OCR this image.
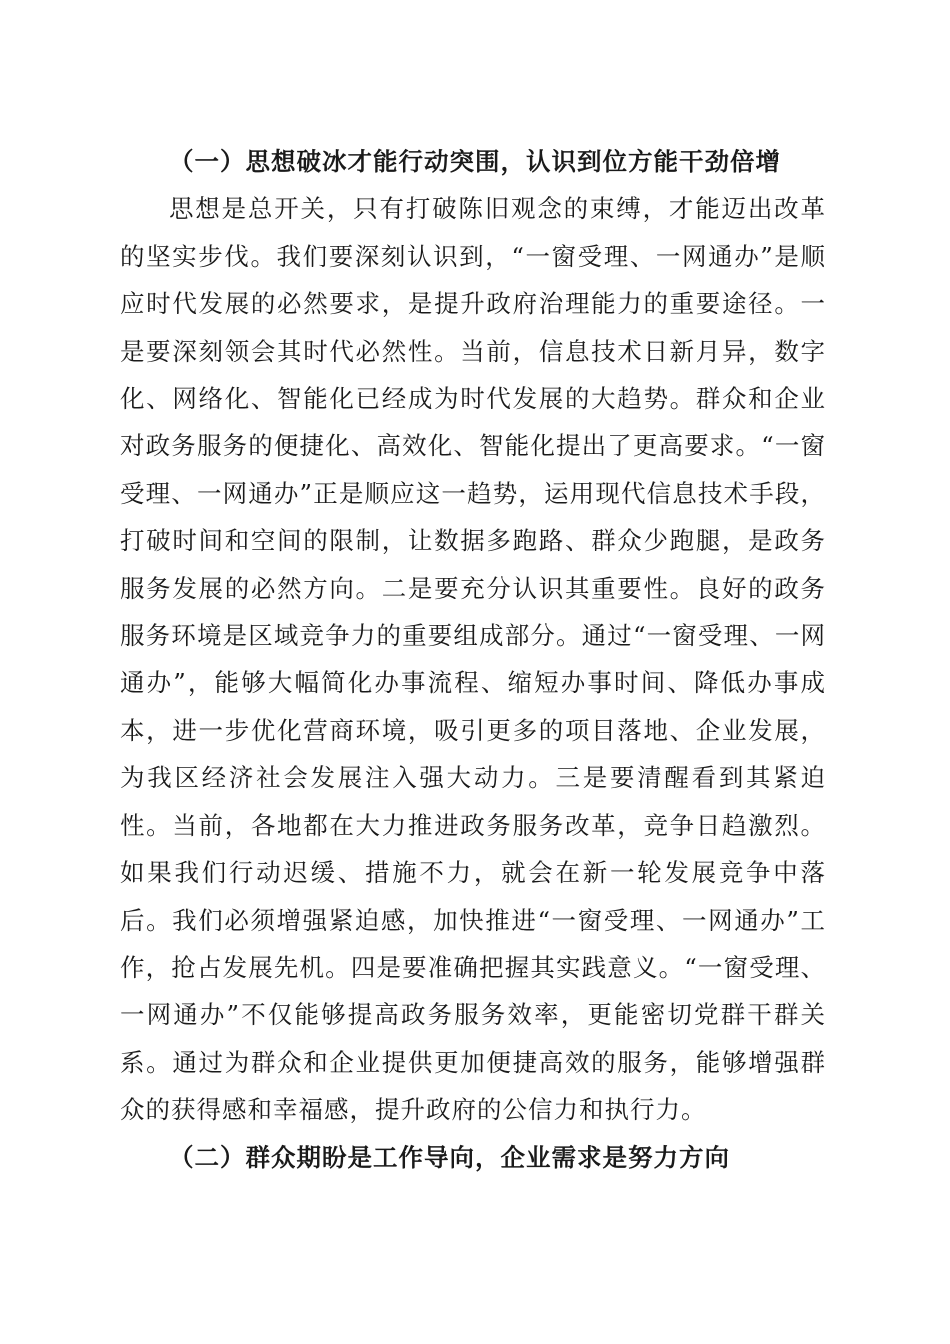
（一）思想破冰才能行动突围，认识到位方能干劲倍增

思想是总开关，只有打破陈旧观念的束缚，才能迈出改革的坚实步伐。我们要深刻认识到，“一窗受理、一网通办”是顺应时代发展的必然要求，是提升政府治理能力的重要途径。一是要深刻领会其时代必然性。当前，信息技术日新月异，数字化、网络化、智能化已经成为时代发展的大趋势。群众和企业对政务服务的便捷化、高效化、智能化提出了更高要求。“一窗受理、一网通办”正是顺应这一趋势，运用现代信息技术手段，打破时间和空间的限制，让数据多跑路、群众少跑腿，是政务服务发展的必然方向。二是要充分认识其重要性。良好的政务服务环境是区域竞争力的重要组成部分。通过“一窗受理、一网通办”，能够大幅简化办事流程、缩短办事时间、降低办事成本，进一步优化营商环境，吸引更多的项目落地、企业发展，为我区经济社会发展注入强大动力。三是要清醒看到其紧迫性。当前，各地都在大力推进政务服务改革，竞争日趋激烈。如果我们行动迟缓、措施不力，就会在新一轮发展竞争中落后。我们必须增强紧迫感，加快推进“一窗受理、一网通办”工作，抢占发展先机。四是要准确把握其实践意义。“一窗受理、一网通办”不仅能够提高政务服务效率，更能密切党群干群关系。通过为群众和企业提供更加便捷高效的服务，能够增强群众的获得感和幸福感，提升政府的公信力和执行力。

（二）群众期盼是工作导向，企业需求是努力方向
